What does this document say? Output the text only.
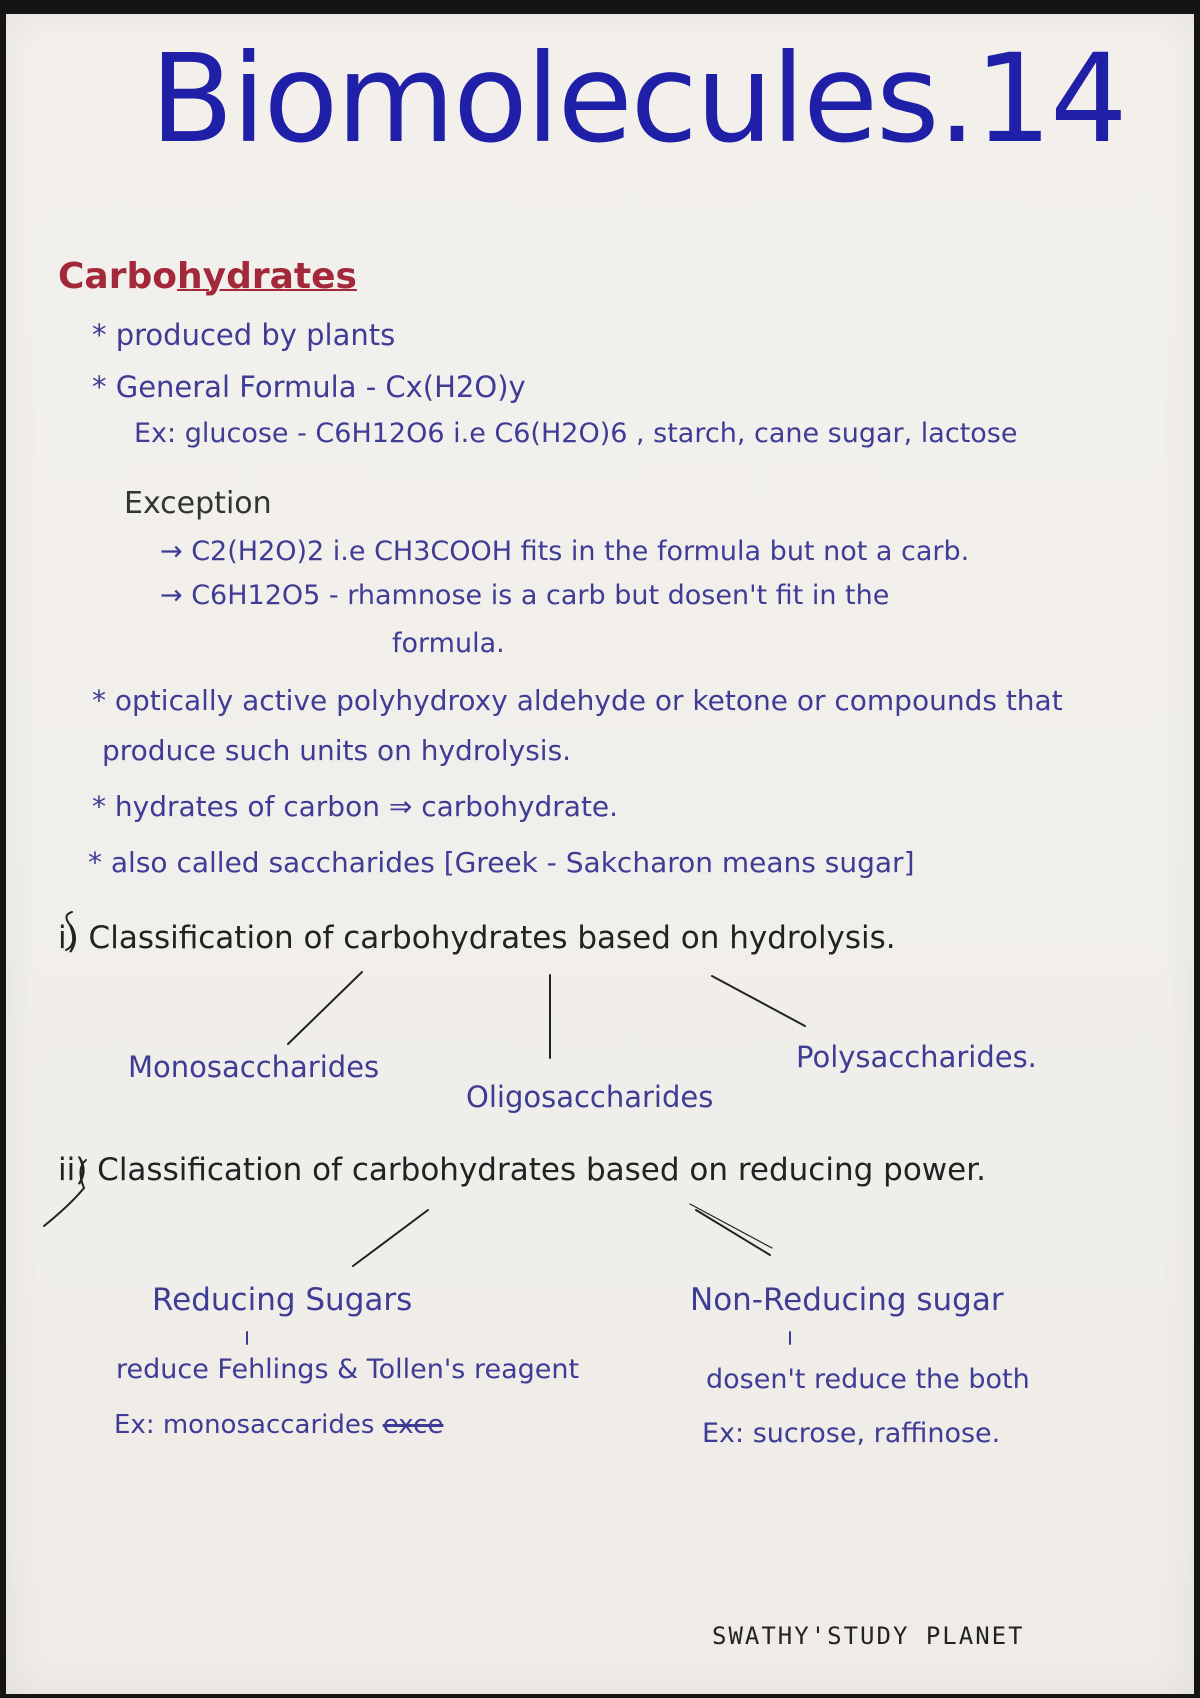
Biomolecules.14
Carbohydrates
* produced by plants
* General Formula - Cx(H2O)y
Ex: glucose - C6H12O6 i.e C6(H2O)6 , starch, cane sugar, lactose
Exception
→ C2(H2O)2 i.e CH3COOH fits in the formula but not a carb.
→ C6H12O5 - rhamnose is a carb but dosen't fit in the
formula.
* optically active polyhydroxy aldehyde or ketone or compounds that
produce such units on hydrolysis.
* hydrates of carbon ⇒ carbohydrate.
* also called saccharides [Greek - Sakcharon means sugar]
i) Classification of carbohydrates based on hydrolysis.
Monosaccharides
Oligosaccharides
Polysaccharides.
ii) Classification of carbohydrates based on reducing power.
Reducing Sugars
reduce Fehlings & Tollen's reagent
Ex: monosaccarides exce
Non-Reducing sugar
dosen't reduce the both
Ex: sucrose, raffinose.
SWATHY'STUDY PLANET
